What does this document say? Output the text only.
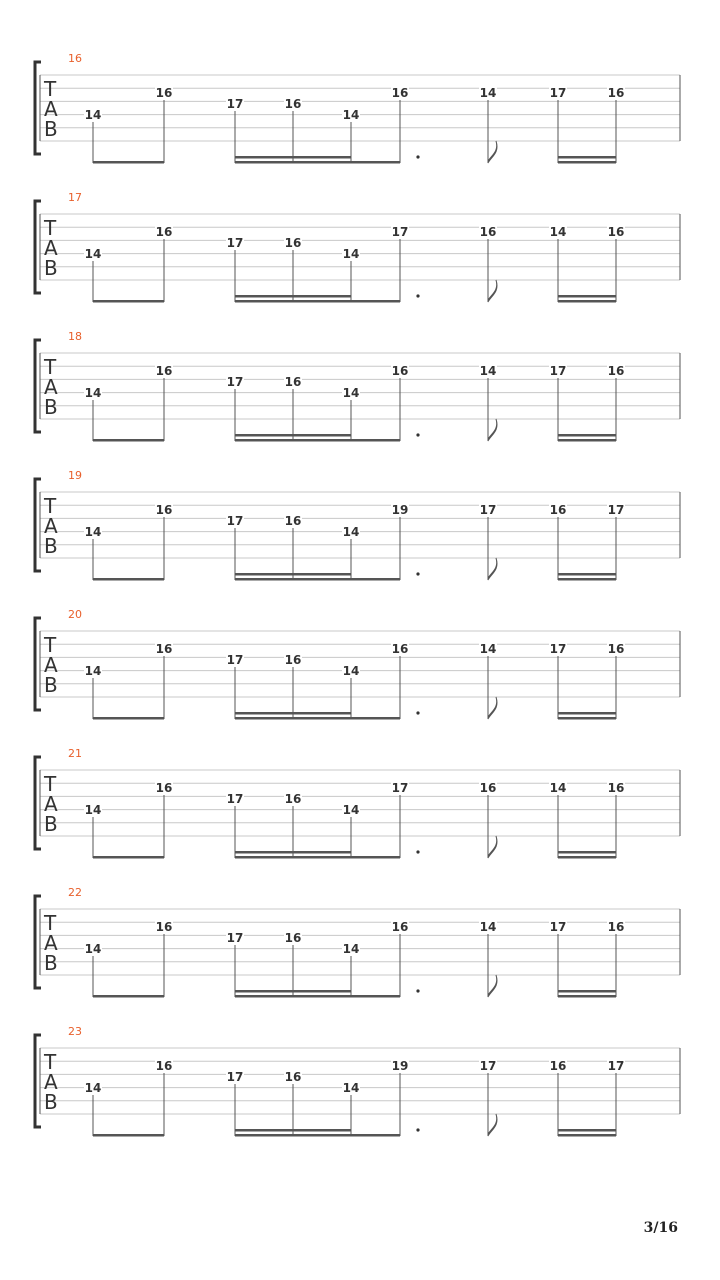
16
T
A
B
14
16
17	16
14
16	14	17	16
17
T
A
B
14
16
17	16
14
17	16	14	16
18
T
A
B
14
16
17	16
14
16	14	17	16
19
T
A
B
14
16
17	16
14
19	17	16	17
20
T
A
B
14
16
17	16
14
16	14	17	16
21
T
A
B
14
16
17	16
14
17	16	14	16
22
T
A
B
14
16
17	16
14
16	14	17	16
23
T
A
B
14
16
17	16
14
19	17	16	17
3/16
